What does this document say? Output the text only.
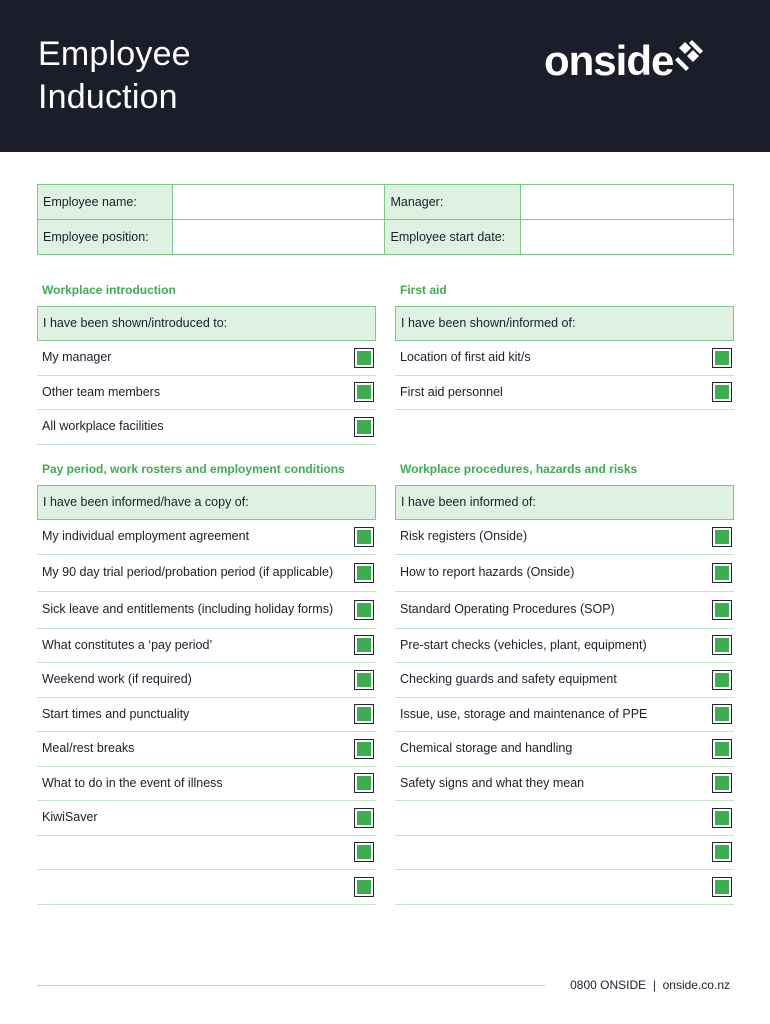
Employee
Induction
onside
Employee name:		Manager:	
Employee position:		Employee start date:	
Workplace introduction
I have been shown/introduced to:
My manager
Other team members
All workplace facilities
First aid
I have been shown/informed of:
Location of first aid kit/s
First aid personnel
Pay period, work rosters and employment conditions
I have been informed/have a copy of:
My individual employment agreement
My 90 day trial period/probation period (if applicable)
Sick leave and entitlements (including holiday forms)
What constitutes a ‘pay period’
Weekend work (if required)
Start times and punctuality
Meal/rest breaks
What to do in the event of illness
KiwiSaver
Workplace procedures, hazards and risks
I have been informed of:
Risk registers (Onside)
How to report hazards (Onside)
Standard Operating Procedures (SOP)
Pre-start checks (vehicles, plant, equipment)
Checking guards and safety equipment
Issue, use, storage and maintenance of PPE
Chemical storage and handling
Safety signs and what they mean
0800 ONSIDE  |  onside.co.nz
